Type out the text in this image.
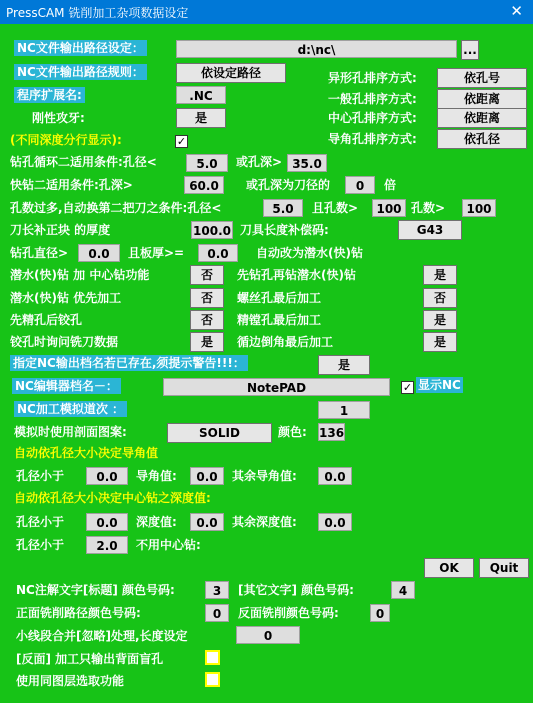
PressCAM 铣削加工杂项数据设定	✕
NC文件输出路径设定：	d:\nc\	...
NC文件输出路径规则：	依设定路径	异形孔排序方式:	依孔号
一般孔排序方式:	依距离
中心孔排序方式:	依距离
导角孔排序方式:	依孔径
程序扩展名:	.NC
刚性攻牙:	是
(不同深度分行显示):	✓
钻孔循环二适用条件:孔径<	5.0	或孔深> 35.0
快钻二适用条件:孔深>	60.0	或孔深为刀径的	0	倍
孔数过多,自动换第二把刀之条件:孔径<	5.0	且孔数>	100 孔数>	100
刀长补正块 的厚度	100.0 刀具长度补偿码:	G43
钻孔直径>	0.0	且板厚>=	0.0	自动改为潜水(快)钻
潜水(快)钻 加 中心钻功能	否	先钻孔再钻潜水(快)钻	是
潜水(快)钻 优先加工	否	螺丝孔最后加工	否
先精孔后铰孔	否	精镗孔最后加工	是
铰孔时询问铣刀数据	是	循边倒角最后加工	是
指定NC输出档名若已存在,须提示警告!!!：	是
NC编辑器档名－：	NotePAD	✓ 显示NC
NC加工模拟道次 ：	1
模拟时使用剖面图案:	SOLID	颜色: 136
自动依孔径大小决定导角值
孔径小于	0.0	导角值:	0.0	其余导角值:	0.0
自动依孔径大小决定中心钻之深度值:
孔径小于	0.0	深度值:	0.0	其余深度值:	0.0
孔径小于	2.0	不用中心钻:
OK	Quit
NC注解文字[标题] 颜色号码:	3	[其它文字] 颜色号码:	4
正面铣削路径颜色号码:	0	反面铣削颜色号码:	0
小线段合并[忽略]处理,长度设定	0
[反面] 加工只输出背面盲孔
使用同图层选取功能
